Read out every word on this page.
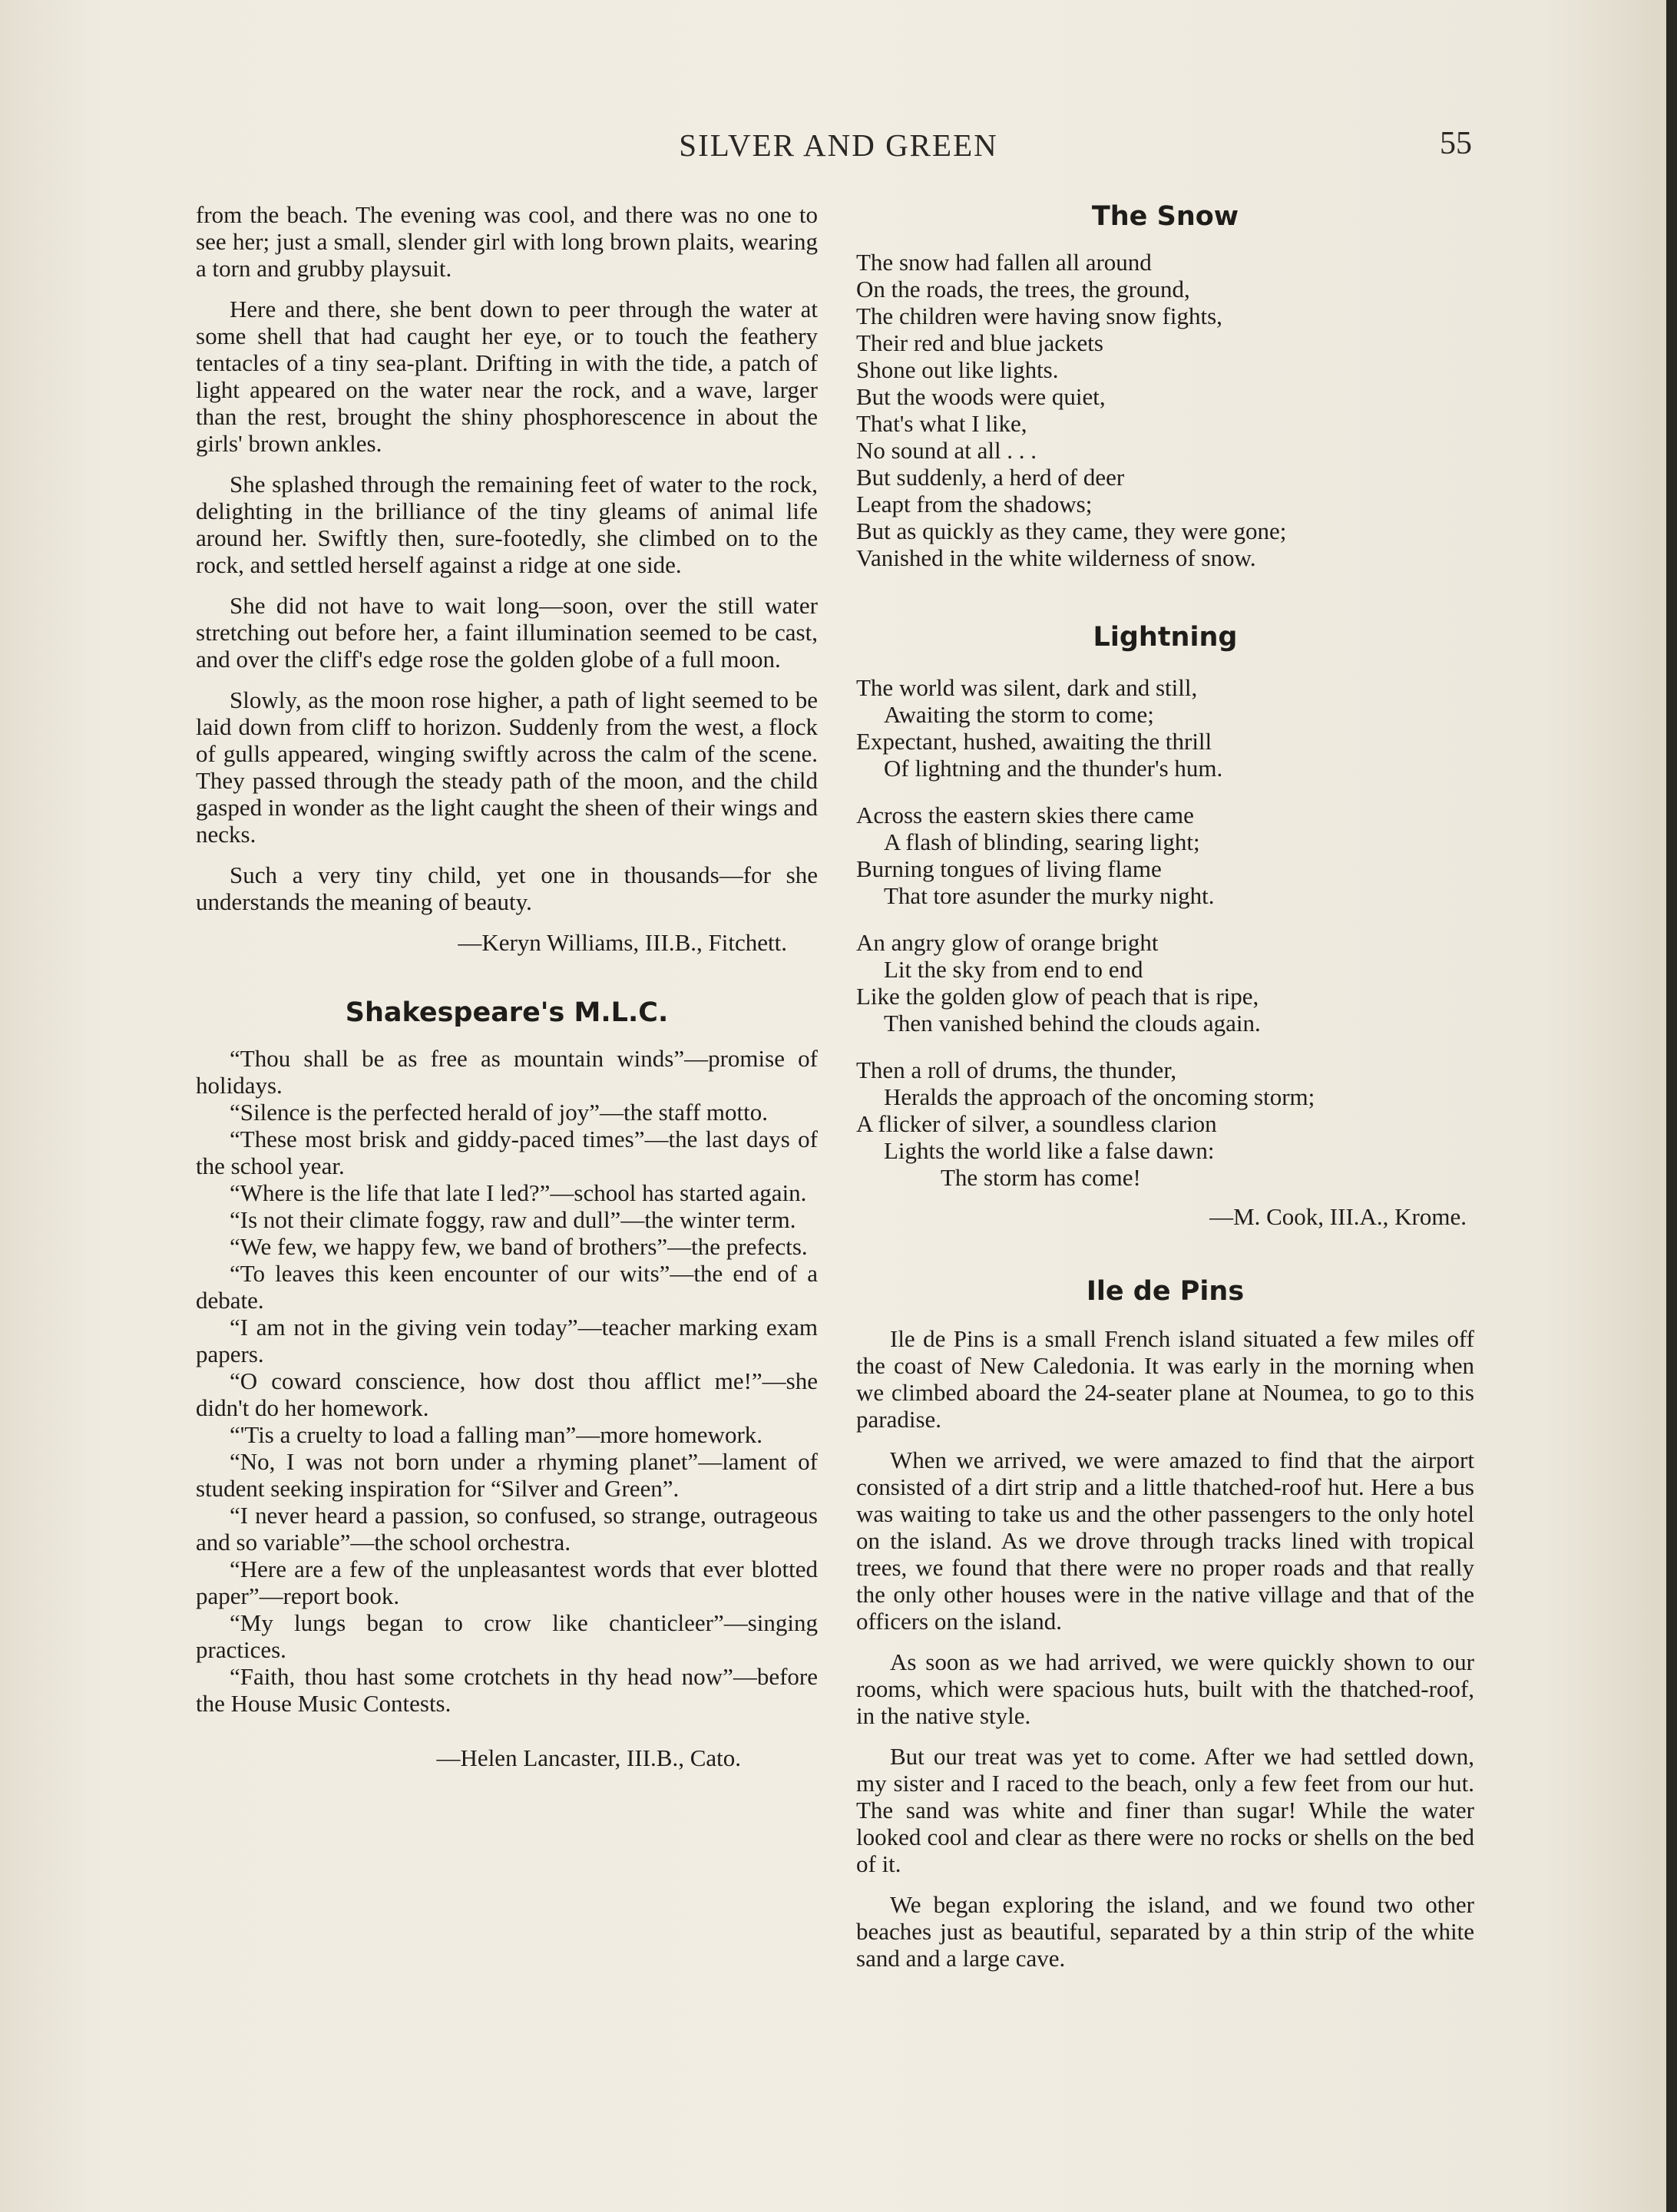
SILVER AND GREEN	55

from the beach. The evening was cool, and there was no one to see her; just a small, slender girl with long brown plaits, wearing a torn and grubby playsuit.

Here and there, she bent down to peer through the water at some shell that had caught her eye, or to touch the feathery tentacles of a tiny sea-plant. Drifting in with the tide, a patch of light appeared on the water near the rock, and a wave, larger than the rest, brought the shiny phosphorescence in about the girls' brown ankles.

She splashed through the remaining feet of water to the rock, delighting in the brilliance of the tiny gleams of animal life around her. Swiftly then, sure-footedly, she climbed on to the rock, and settled herself against a ridge at one side.

She did not have to wait long—soon, over the still water stretching out before her, a faint illumination seemed to be cast, and over the cliff's edge rose the golden globe of a full moon.

Slowly, as the moon rose higher, a path of light seemed to be laid down from cliff to horizon. Suddenly from the west, a flock of gulls appeared, winging swiftly across the calm of the scene. They passed through the steady path of the moon, and the child gasped in wonder as the light caught the sheen of their wings and necks.

Such a very tiny child, yet one in thousands—for she understands the meaning of beauty.

—Keryn Williams, III.B., Fitchett.

Shakespeare's M.L.C.

“Thou shall be as free as mountain winds”—promise of holidays.

“Silence is the perfected herald of joy”—the staff motto.

“These most brisk and giddy-paced times”—the last days of the school year.

“Where is the life that late I led?”—school has started again.

“Is not their climate foggy, raw and dull”—the winter term.

“We few, we happy few, we band of brothers”—the prefects.

“To leaves this keen encounter of our wits”—the end of a debate.

“I am not in the giving vein today”—teacher marking exam papers.

“O coward conscience, how dost thou afflict me!”—she didn't do her homework.

“'Tis a cruelty to load a falling man”—more homework.

“No, I was not born under a rhyming planet”—lament of student seeking inspiration for “Silver and Green”.

“I never heard a passion, so confused, so strange, outrageous and so variable”—the school orchestra.

“Here are a few of the unpleasantest words that ever blotted paper”—report book.

“My lungs began to crow like chanticleer”—singing practices.

“Faith, thou hast some crotchets in thy head now”—before the House Music Contests.

—Helen Lancaster, III.B., Cato.

The Snow

The snow had fallen all around

On the roads, the trees, the ground,

The children were having snow fights,

Their red and blue jackets

Shone out like lights.

But the woods were quiet,

That's what I like,

No sound at all . . .

But suddenly, a herd of deer

Leapt from the shadows;

But as quickly as they came, they were gone;

Vanished in the white wilderness of snow.

Lightning

The world was silent, dark and still,

Awaiting the storm to come;

Expectant, hushed, awaiting the thrill

Of lightning and the thunder's hum.

Across the eastern skies there came

A flash of blinding, searing light;

Burning tongues of living flame

That tore asunder the murky night.

An angry glow of orange bright

Lit the sky from end to end

Like the golden glow of peach that is ripe,

Then vanished behind the clouds again.

Then a roll of drums, the thunder,

Heralds the approach of the oncoming storm;

A flicker of silver, a soundless clarion

Lights the world like a false dawn:

The storm has come!

—M. Cook, III.A., Krome.

Ile de Pins

Ile de Pins is a small French island situated a few miles off the coast of New Caledonia. It was early in the morning when we climbed aboard the 24-seater plane at Noumea, to go to this paradise.

When we arrived, we were amazed to find that the airport consisted of a dirt strip and a little thatched-roof hut. Here a bus was waiting to take us and the other passengers to the only hotel on the island. As we drove through tracks lined with tropical trees, we found that there were no proper roads and that really the only other houses were in the native village and that of the officers on the island.

As soon as we had arrived, we were quickly shown to our rooms, which were spacious huts, built with the thatched-roof, in the native style.

But our treat was yet to come. After we had settled down, my sister and I raced to the beach, only a few feet from our hut. The sand was white and finer than sugar! While the water looked cool and clear as there were no rocks or shells on the bed of it.

We began exploring the island, and we found two other beaches just as beautiful, separated by a thin strip of the white sand and a large cave.
